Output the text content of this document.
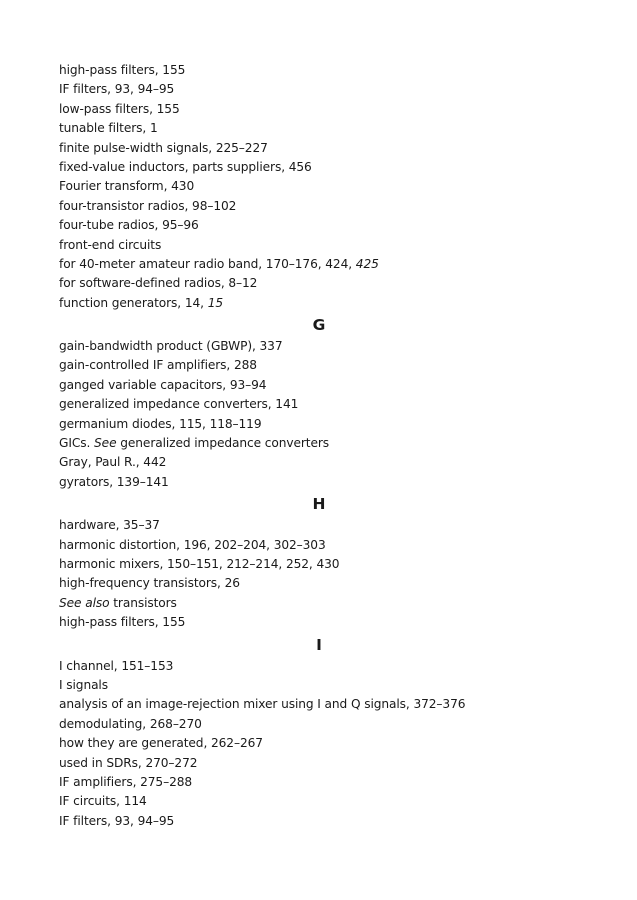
high-pass filters, 155
IF filters, 93, 94–95
low-pass filters, 155
tunable filters, 1
finite pulse-width signals, 225–227
fixed-value inductors, parts suppliers, 456
Fourier transform, 430
four-transistor radios, 98–102
four-tube radios, 95–96
front-end circuits
for 40-meter amateur radio band, 170–176, 424, 425
for software-defined radios, 8–12
function generators, 14, 15
G
gain-bandwidth product (GBWP), 337
gain-controlled IF amplifiers, 288
ganged variable capacitors, 93–94
generalized impedance converters, 141
germanium diodes, 115, 118–119
GICs. See generalized impedance converters
Gray, Paul R., 442
gyrators, 139–141
H
hardware, 35–37
harmonic distortion, 196, 202–204, 302–303
harmonic mixers, 150–151, 212–214, 252, 430
high-frequency transistors, 26
See also transistors
high-pass filters, 155
I
I channel, 151–153
I signals
analysis of an image-rejection mixer using I and Q signals, 372–376
demodulating, 268–270
how they are generated, 262–267
used in SDRs, 270–272
IF amplifiers, 275–288
IF circuits, 114
IF filters, 93, 94–95
